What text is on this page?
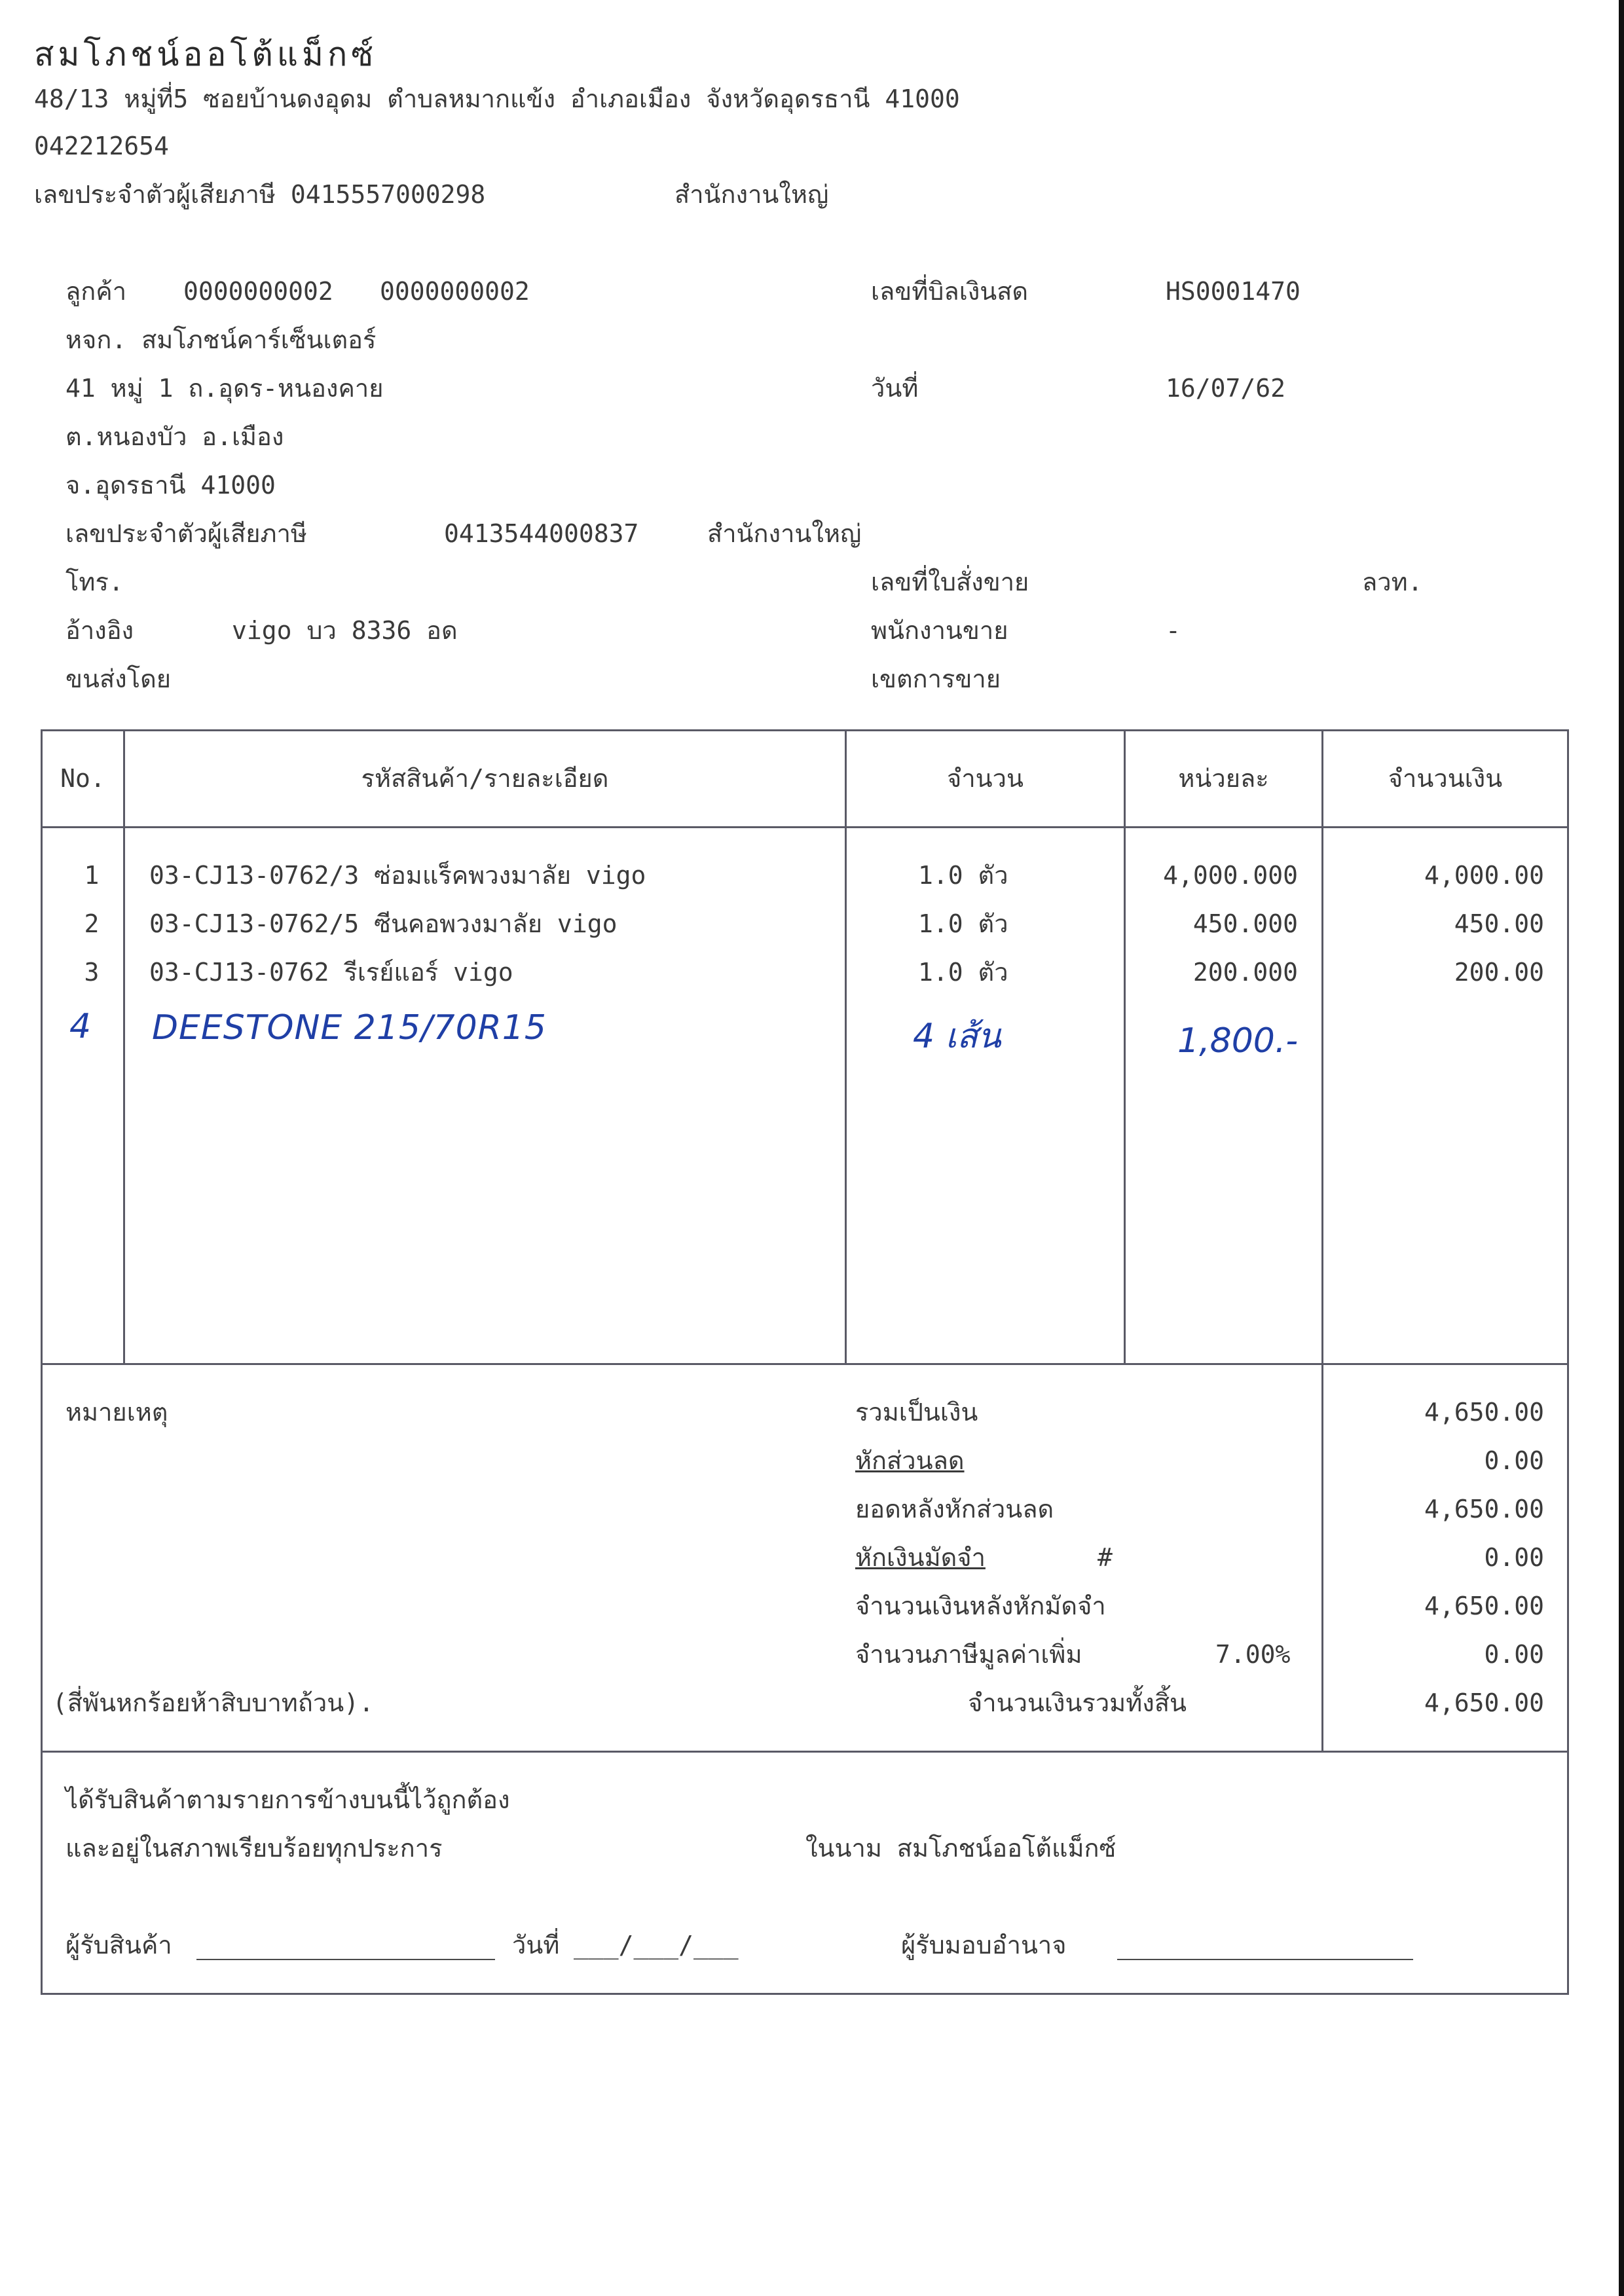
สมโภชน์ออโต้แม็กซ์
48/13 หมู่ที่5 ซอยบ้านดงอุดม ตำบลหมากแข้ง อำเภอเมือง จังหวัดอุดรธานี 41000
042212654
เลขประจำตัวผู้เสียภาษี 0415557000298	สำนักงานใหญ่
ลูกค้า 0000000002 0000000002
หจก. สมโภชน์คาร์เซ็นเตอร์
41 หมู่ 1 ถ.อุดร-หนองคาย
ต.หนองบัว อ.เมือง
จ.อุดรธานี 41000
เลขประจำตัวผู้เสียภาษี	0413544000837	สำนักงานใหญ่
โทร.
อ้างอิง	vigo บว 8336 อด
ขนส่งโดย
เลขที่บิลเงินสด	HS0001470
วันที่	16/07/62
เลขที่ใบสั่งขาย	ลวท.
พนักงานขาย	-
เขตการขาย
No.	รหัสสินค้า/รายละเอียด	จำนวน	หน่วยละ	จำนวนเงิน
1	03-CJ13-0762/3 ซ่อมแร็คพวงมาลัย vigo	1.0 ตัว	4,000.000	4,000.00
2	03-CJ13-0762/5 ซีนคอพวงมาลัย vigo	1.0 ตัว	450.000	450.00
3	03-CJ13-0762 รีเรย์แอร์ vigo	1.0 ตัว	200.000	200.00
4 DEESTONE 215/70R15	4 เส้น	1,800.-
หมายเหตุ	รวมเป็นเงิน	4,650.00
หักส่วนลด	0.00
ยอดหลังหักส่วนลด	4,650.00
หักเงินมัดจำ	#	0.00
จำนวนเงินหลังหักมัดจำ	4,650.00
จำนวนภาษีมูลค่าเพิ่ม	7.00%	0.00
(สี่พันหกร้อยห้าสิบบาทถ้วน).	จำนวนเงินรวมทั้งสิ้น	4,650.00
ได้รับสินค้าตามรายการข้างบนนี้ไว้ถูกต้อง
และอยู่ในสภาพเรียบร้อยทุกประการ	ในนาม สมโภชน์ออโต้แม็กซ์
ผู้รับสินค้า	วันที่ ___/___/___	ผู้รับมอบอำนาจ
